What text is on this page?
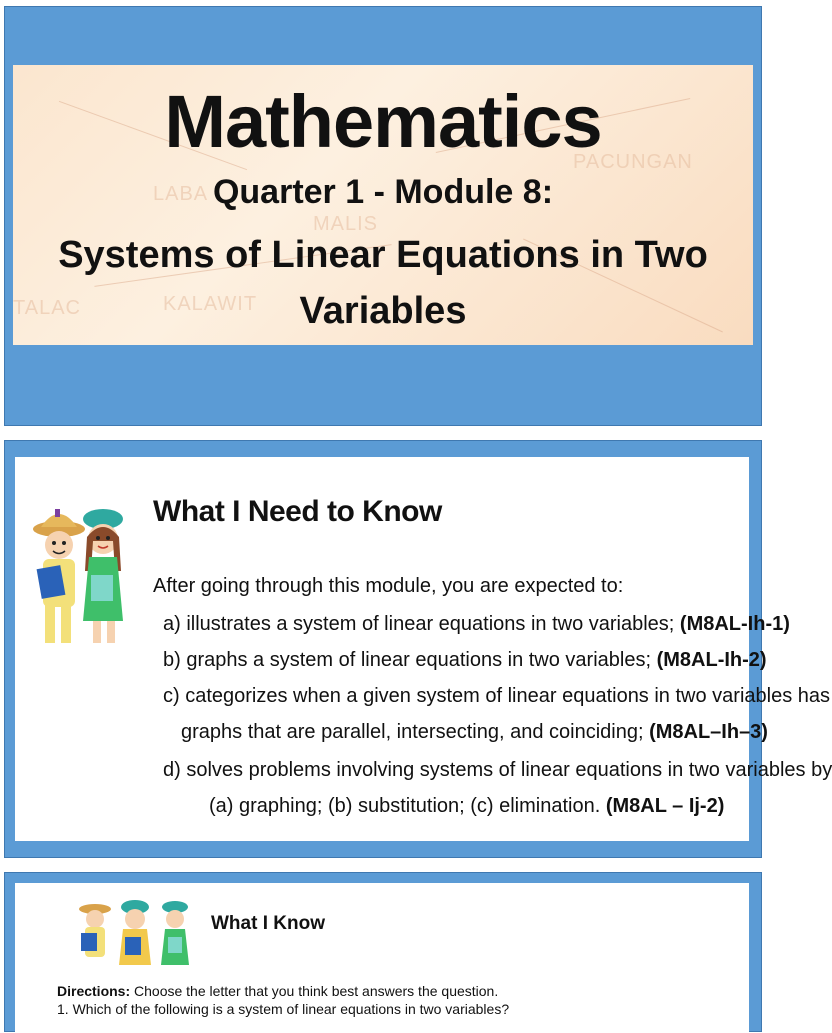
LABA
PACUNGAN
MALIS
TALAC	KALAWIT
Mathematics
Quarter 1 - Module 8:
Systems of Linear Equations in Two
Variables
What I Need to Know
After going through this module, you are expected to:
a) illustrates a system of linear equations in two variables; (M8AL-Ih-1)
b) graphs a system of linear equations in two variables; (M8AL-Ih-2)
c) categorizes when a given system of linear equations in two variables has
graphs that are parallel, intersecting, and coinciding; (M8AL–Ih–3)
d) solves problems involving systems of linear equations in two variables by
(a) graphing; (b) substitution; (c) elimination. (M8AL – Ij-2)
What I Know
Directions: Choose the letter that you think best answers the question.
1. Which of the following is a system of linear equations in two variables?
